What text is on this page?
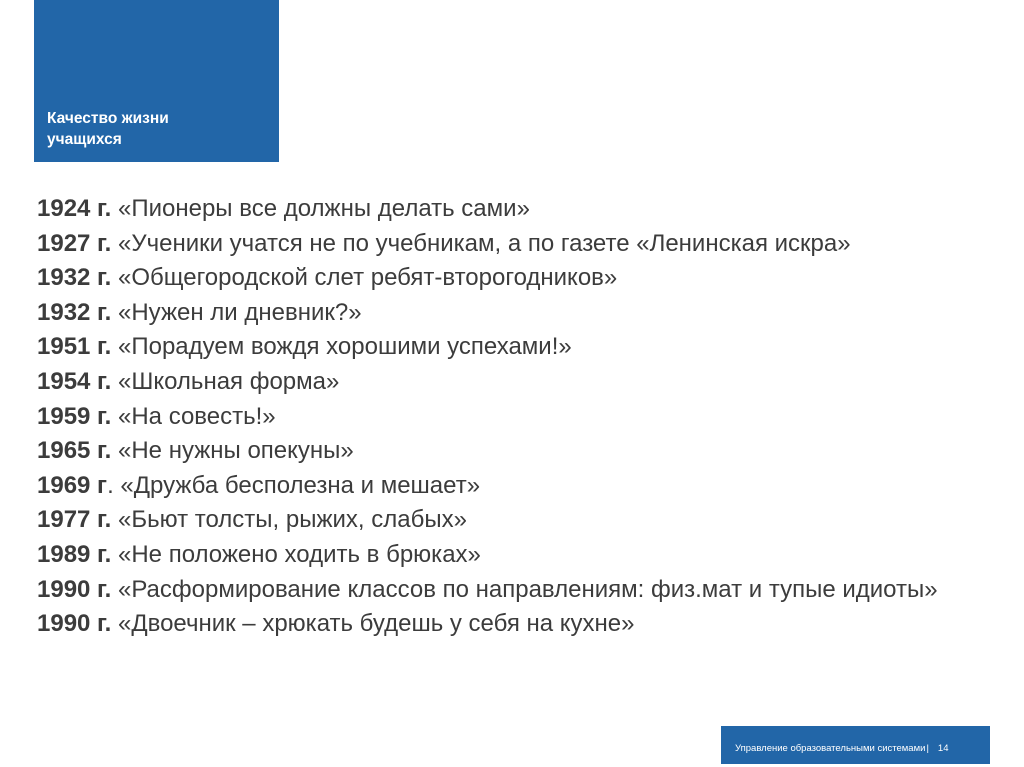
Качество жизни
учащихся

1924 г. «Пионеры все должны делать сами»

1927 г. «Ученики учатся не по учебникам, а по газете «Ленинская искра»

1932 г. «Общегородской слет ребят-второгодников»

1932 г. «Нужен ли дневник?»

1951 г. «Порадуем вождя хорошими успехами!»

1954 г. «Школьная форма»

1959 г. «На совесть!»

1965 г. «Не нужны опекуны»

1969 г. «Дружба бесполезна и мешает»

1977 г. «Бьют толсты, рыжих, слабых»

1989 г. «Не положено ходить в брюках»

1990 г. «Расформирование классов по направлениям: физ.мат и тупые идиоты»

1990 г. «Двоечник – хрюкать будешь у себя на кухне»

Управление образовательными системами| 14
